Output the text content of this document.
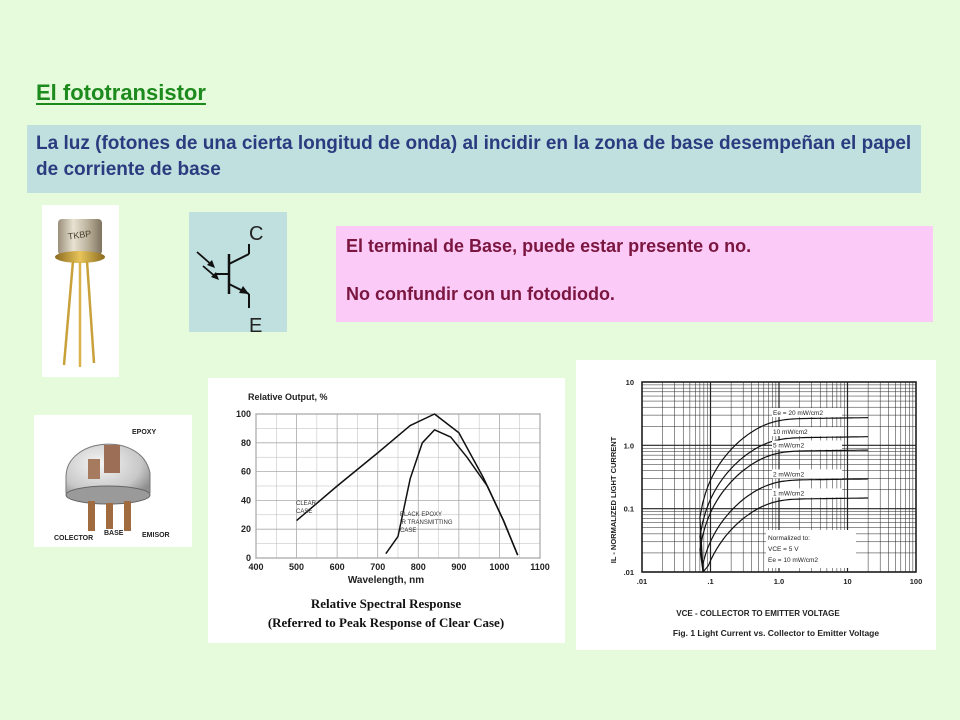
El fototransistor
La luz (fotones de una cierta longitud de onda) al incidir en la zona de base desempeñan el papel de corriente de base
TKBP	C
E

El terminal de Base, puede estar presente o no.

No confundir con un fotodiodo.

EPOXY
COLECTOR
BASE	EMISOR
Relative Output, %
400	500	600	700	800	900	1000 1100
0
20
40
60
80
100
CLEAR
CASE	BLACK EPOXY
IR TRANSMITTING
CASE
Wavelength, nm
Relative Spectral Response
(Referred to Peak Response of Clear Case)
.01	.1	1.0	10	100
10
1.0
0.1
.01
IL - NORMALIZED LIGHT CURRENT
VCE - COLLECTOR TO EMITTER VOLTAGE
Fig. 1 Light Current vs. Collector to Emitter Voltage
Ee = 20 mW/cm2
10 mW/cm2
5 mW/cm2
2 mW/cm2
1 mW/cm2
Normalized to:
VCE = 5 V
Ee = 10 mW/cm2
